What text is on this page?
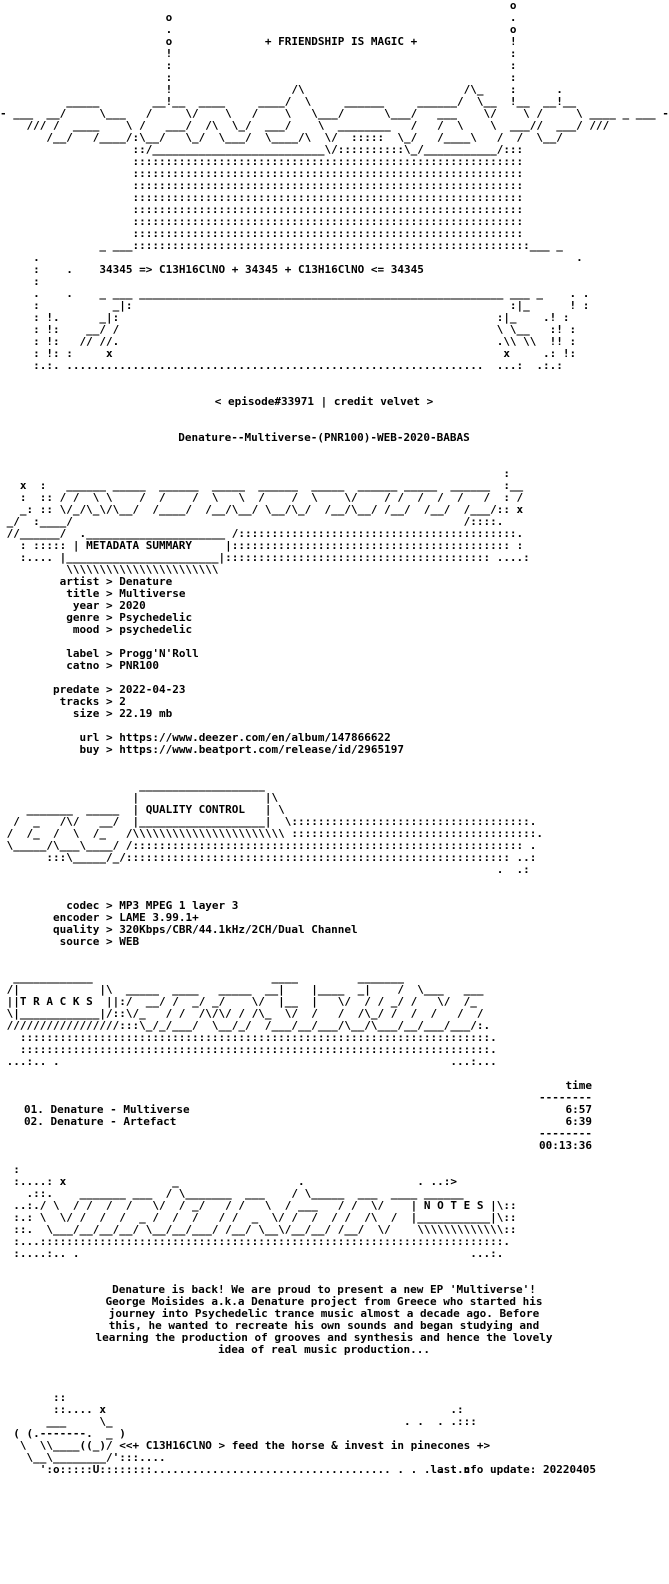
o
o                                                   .
.                                                   o
o	+ FRIENDSHIP IS MAGIC +	!
!                                                   :
:                                                   :
:                                                   :
!                  /\                        /\_    :      .
_____        __!__  ____     ____/  \     ______     ______/  \__  !__  __!__
- ___  __/     \___   /     \/    \   /    \   \___/      \___/   ___    \/    \ /     \ ____ _ ___ -
/// /  ____    \ /   ___/  /\  \_/  ___/    \  ________   /   /  \    \  ___//  ___/ ///
/__/   /____/:\__/   \_/  \___/  \____/\  \/  :::::  \_/   /____\   /  /  \__/
::/__________________________\/::::::::::\_/___________/:::
:::::::::::::::::::::::::::::::::::::::::::::::::::::::::::
:::::::::::::::::::::::::::::::::::::::::::::::::::::::::::
:::::::::::::::::::::::::::::::::::::::::::::::::::::::::::
:::::::::::::::::::::::::::::::::::::::::::::::::::::::::::
:::::::::::::::::::::::::::::::::::::::::::::::::::::::::::
:::::::::::::::::::::::::::::::::::::::::::::::::::::::::::
:::::::::::::::::::::::::::::::::::::::::::::::::::::::::::
_ ___::::::::::::::::::::::::::::::::::::::::::::::::::::::::::::___ _
.                                                                                 .
:    .    34345 => C13H16ClNO + 34345 + C13H16ClNO <= 34345
:
.    .    _ ___ _______________________________________________________ ___ _    . .
:           _|:                                                         :|_      ! :
: !.      _|:                                                         :|_    .! :
: !:    __/ /                                                         \ \__   :! :
: !:   // //.                                                         .\\ \\  !! :
: !: :     x                                                           x     .: !:
:.:. ...............................................................  ...:  .:.:

< episode#33971 | credit velvet >

Denature--Multiverse-(PNR100)-WEB-2020-BABAS

:
x  :   ______ _____  ______  _____  ______  _____  ______ _____  ______  :__
:  :: / /  \ \    /  /    /  \   \  /    /  \    \/    / /  /  /  /   /  : /
_: :: \/_/\_\/\__/  /____/  /__/\__/ \__/\_/  /__/\__/ /__/  /__/  /___/:: x
_/  :____/                                                           /::::.
//______/  ._____________________ /::::::::::::::::::::::::::::::::::::::::::.
: ::::: | METADATA SUMMARY	|:::::::::::::::::::::::::::::::::::::::::: :
:.... |_______________________|:::::::::::::::::::::::::::::::::::::::: ....:
\\\\\\\\\\\\\\\\\\\\\\\

artist > Denature
title > Multiverse
year > 2020
genre > Psychedelic
mood > psychedelic
label > Progg'N'Roll
catno > PNR100
predate > 2022-04-23
tracks > 2
size > 22.19 mb
url > https://www.deezer.com/en/album/147866622
buy > https://www.beatport.com/release/id/2965197
___________________
|                   |\
_______  _____  | QUALITY CONTROL   | \
/  _   /\/   __/  |___________________|  \::::::::::::::::::::::::::::::::::::.
/  /_  /  \  /_   /\\\\\\\\\\\\\\\\\\\\\\\ :::::::::::::::::::::::::::::::::::::.
\_____/\___\____/ /::::::::::::::::::::::::::::::::::::::::::::::::::::::::::: .
:::\_____/_/:::::::::::::::::::::::::::::::::::::::::::::::::::::::::: ..:
.  .:

codec > MP3 MPEG 1 layer 3
encoder > LAME 3.99.1+
quality > 320Kbps/CBR/44.1kHz/2CH/Dual Channel
source > WEB
____________                           ____         _______
/|            |\  _____  ____   _____  __|    |____  _|    /  \___   ___
||T R A C K S  ||:/  __/ /  _/ _/    \/  |__  |   \/  / / _/ /   \/  /_
\|____________|/::\/_   / /  /\/\/ / /\_  \/  /   /  /\_/ /  /  /   /  /
/////////////////:::\_/_/___/  \__/_/  /___/__/___/\__/\___/__/___/___/:.
:::::::::::::::::::::::::::::::::::::::::::::::::::::::::::::::::::::::.
:::::::::::::::::::::::::::::::::::::::::::::::::::::::::::::::::::::::.
...:.. .                                                           ...:...

time
--------
01. Denature - Multiverse	6:57
02. Denature - Artefact	6:39
--------
00:13:36
:
:....: x                _                  .                 . ..:>
.::.    _______ ___  / \_______  ___    / \_____  ___  ____ ______
..:./ \  / /  /  /   \/  / _/   / /   \  / ___   / /  \/    | N O T E S |\::
:.: \  \/ /  /  /  _ /  /  /   / /  _  \/ /  /  / /  /\  /  |___________|\::
::.  \___/__/__/__/ \__/__/___/ /__/ \__\/__/__/ /__/  \/    \\\\\\\\\\\\\::
:...::::::::::::::::::::::::::::::::::::::::::::::::::::::::::::::::::::::.
:....:.. .                                                           ...:.

Denature is back! We are proud to present a new EP 'Multiverse'!
George Moisides a.k.a Denature project from Greece who started his
journey into Psychedelic trance music almost a decade ago. Before
this, he wanted to recreate his own sounds and began studying and
learning the production of grooves and synthesis and hence the lovely
idea of real music production...
::
::.... x                                                    .:
___     \_                                            . .  . .:::
( (.-------.  _ )
\  \\____((_)/ <<+ C13H16ClNO > feed the horse & invest in pinecones +>
\__\________/':::....
':o:::::U::::::::.................................... . . . . ..:

last nfo update: 20220405
